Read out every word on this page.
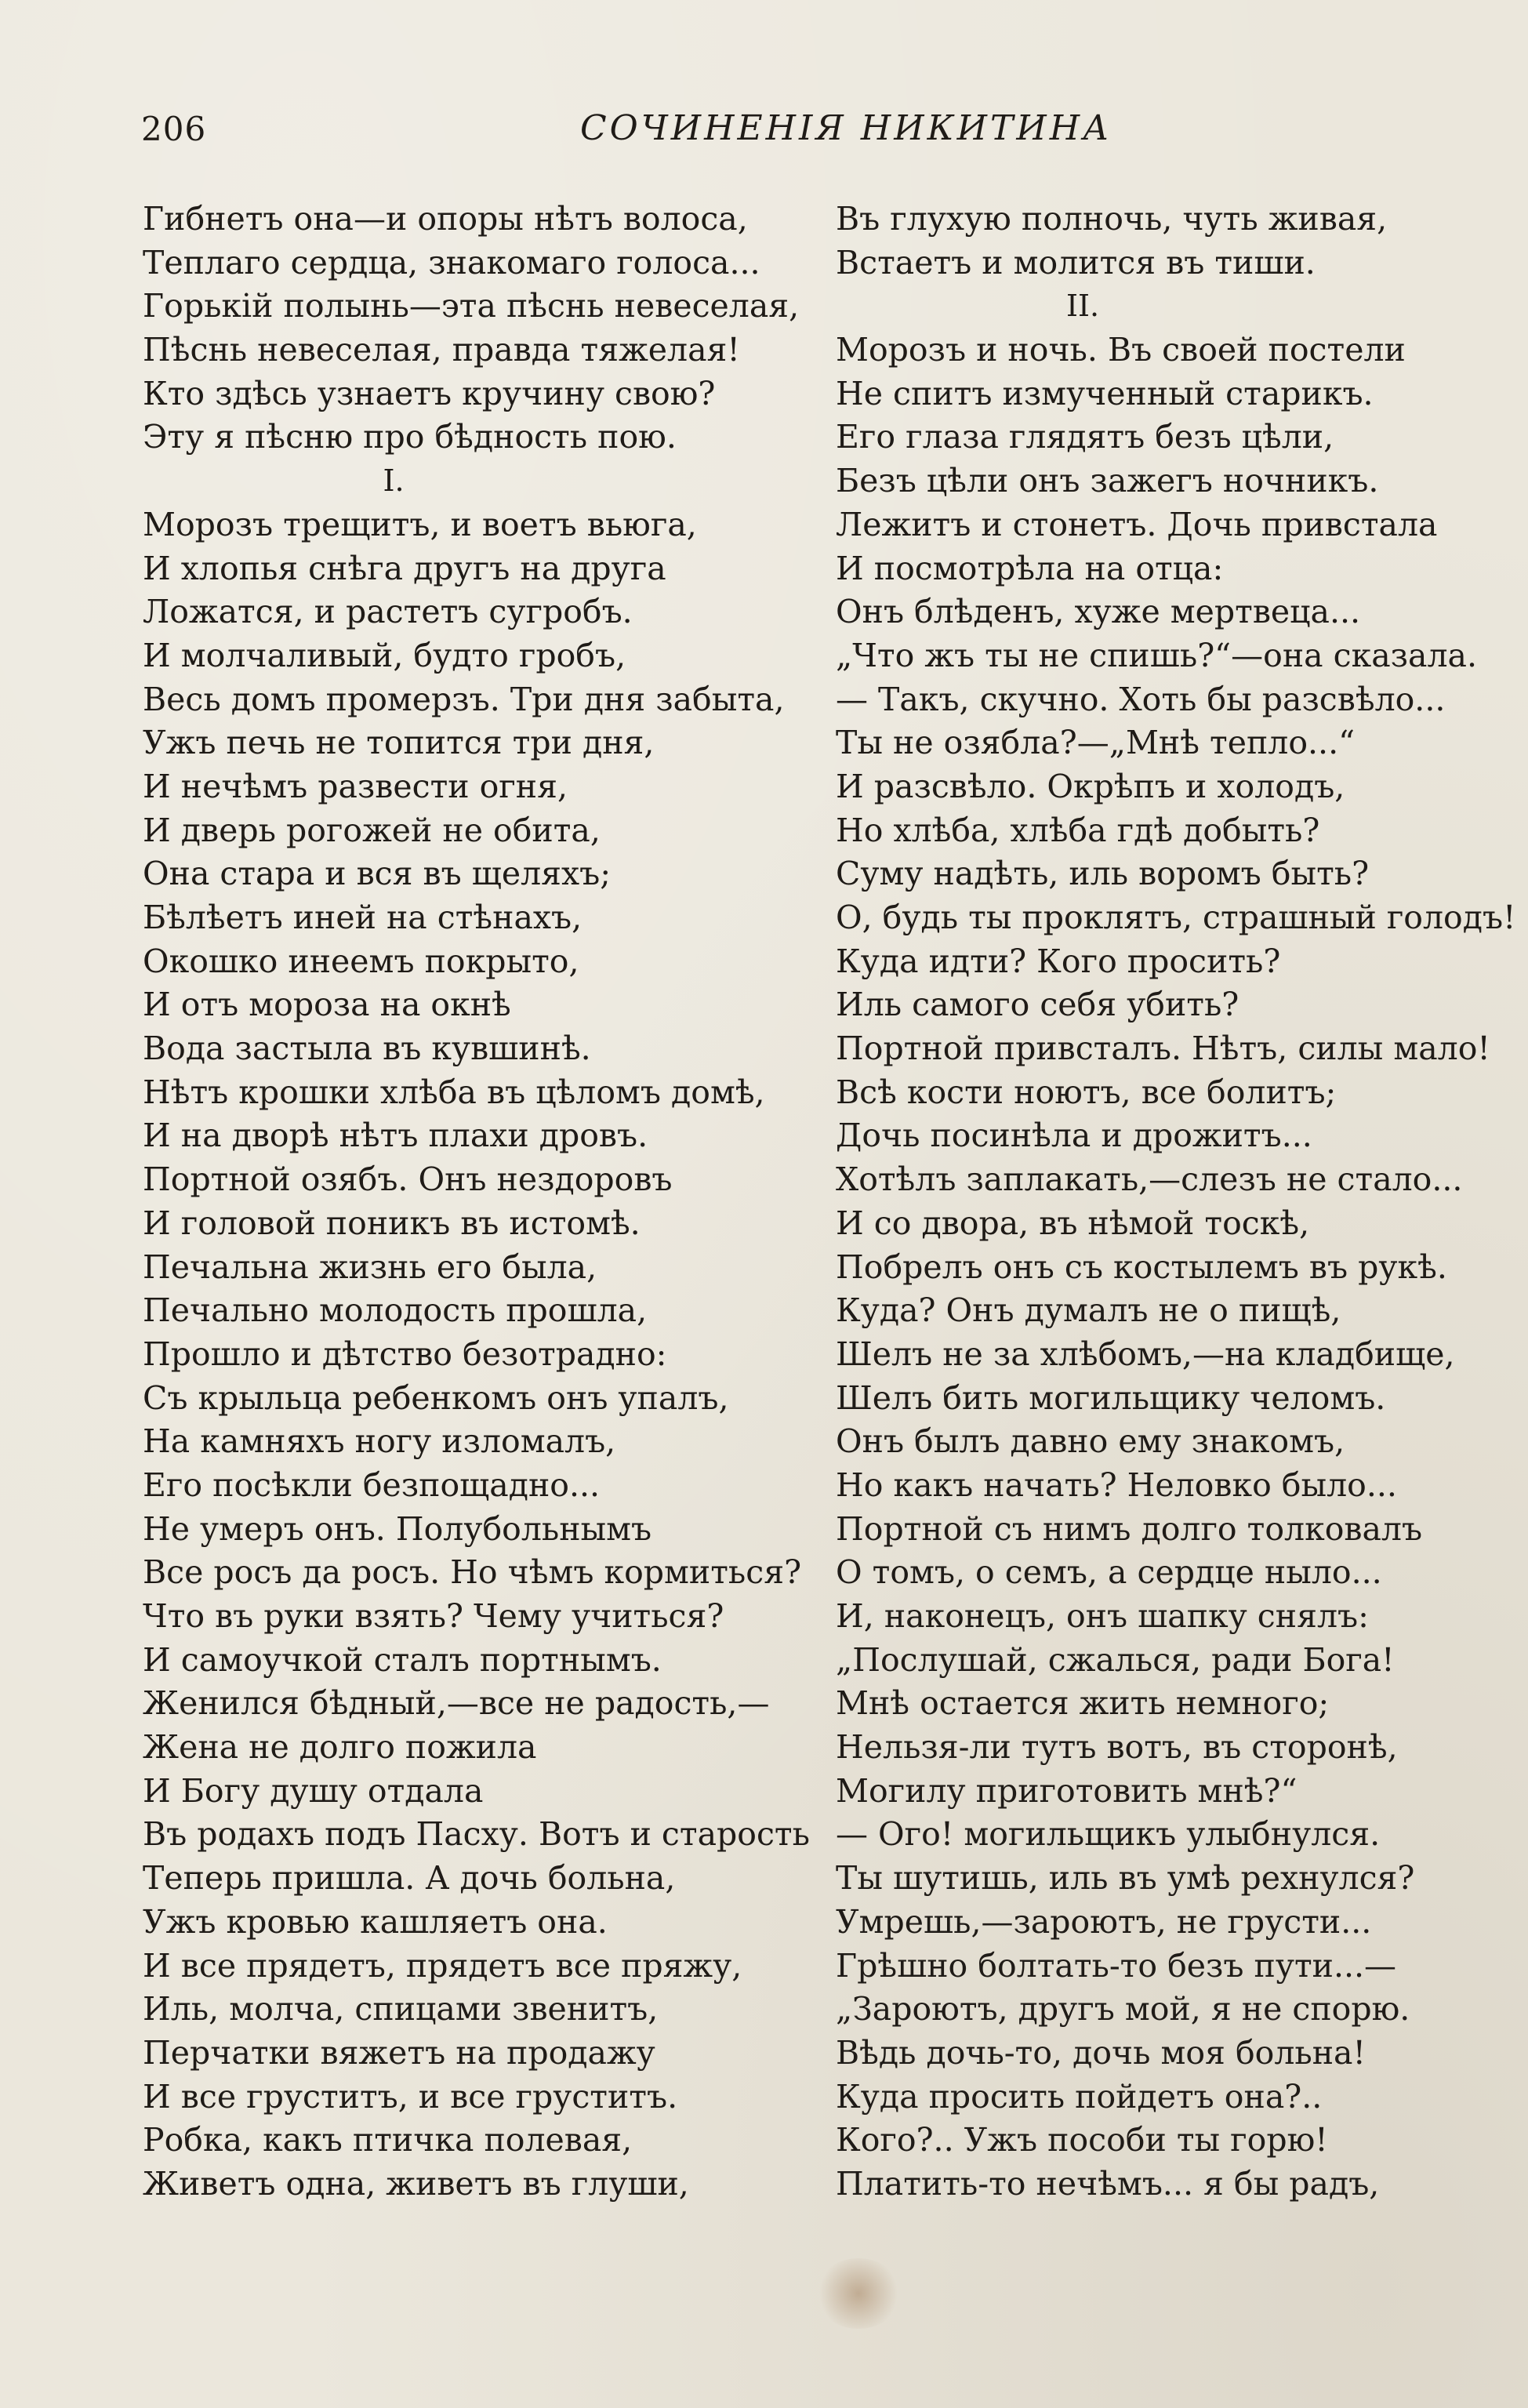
206	СОЧИНЕНІЯ НИКИТИНА
Гибнетъ она—и опоры нѣтъ волоса,
Теплаго сердца, знакомаго голоса...
Горькій полынь—эта пѣснь невеселая,
Пѣснь невеселая, правда тяжелая!
Кто здѣсь узнаетъ кручину свою?
Эту я пѣсню про бѣдность пою.
I.
Морозъ трещитъ, и воетъ вьюга,
И хлопья снѣга другъ на друга
Ложатся, и растетъ сугробъ.
И молчаливый, будто гробъ,
Весь домъ промерзъ. Три дня забыта,
Ужъ печь не топится три дня,
И нечѣмъ развести огня,
И дверь рогожей не обита,
Она стара и вся въ щеляхъ;
Бѣлѣетъ иней на стѣнахъ,
Окошко инеемъ покрыто,
И отъ мороза на окнѣ
Вода застыла въ кувшинѣ.
Нѣтъ крошки хлѣба въ цѣломъ домѣ,
И на дворѣ нѣтъ плахи дровъ.
Портной озябъ. Онъ нездоровъ
И головой поникъ въ истомѣ.
Печальна жизнь его была,
Печально молодость прошла,
Прошло и дѣтство безотрадно:
Съ крыльца ребенкомъ онъ упалъ,
На камняхъ ногу изломалъ,
Его посѣкли безпощадно...
Не умеръ онъ. Полубольнымъ
Все росъ да росъ. Но чѣмъ кормиться?
Что въ руки взять? Чему учиться?
И самоучкой сталъ портнымъ.
Женился бѣдный,—все не радость,—
Жена не долго пожила
И Богу душу отдала
Въ родахъ подъ Пасху. Вотъ и старость
Теперь пришла. А дочь больна,
Ужъ кровью кашляетъ она.
И все прядетъ, прядетъ все пряжу,
Иль, молча, спицами звенитъ,
Перчатки вяжетъ на продажу
И все груститъ, и все груститъ.
Робка, какъ птичка полевая,
Живетъ одна, живетъ въ глуши,
Въ глухую полночь, чуть живая,
Встаетъ и молится въ тиши.
II.
Морозъ и ночь. Въ своей постели
Не спитъ измученный старикъ.
Его глаза глядятъ безъ цѣли,
Безъ цѣли онъ зажегъ ночникъ.
Лежитъ и стонетъ. Дочь привстала
И посмотрѣла на отца:
Онъ блѣденъ, хуже мертвеца...
„Что жъ ты не спишь?“—она сказала.
— Такъ, скучно. Хоть бы разсвѣло...
Ты не озябла?—„Мнѣ тепло...“
И разсвѣло. Окрѣпъ и холодъ,
Но хлѣба, хлѣба гдѣ добыть?
Суму надѣть, иль воромъ быть?
О, будь ты проклятъ, страшный голодъ!
Куда идти? Кого просить?
Иль самого себя убить?
Портной привсталъ. Нѣтъ, силы мало!
Всѣ кости ноютъ, все болитъ;
Дочь посинѣла и дрожитъ...
Хотѣлъ заплакать,—слезъ не стало...
И со двора, въ нѣмой тоскѣ,
Побрелъ онъ съ костылемъ въ рукѣ.
Куда? Онъ думалъ не о пищѣ,
Шелъ не за хлѣбомъ,—на кладбище,
Шелъ бить могильщику челомъ.
Онъ былъ давно ему знакомъ,
Но какъ начать? Неловко было...
Портной съ нимъ долго толковалъ
О томъ, о семъ, а сердце ныло...
И, наконецъ, онъ шапку снялъ:
„Послушай, сжалься, ради Бога!
Мнѣ остается жить немного;
Нельзя-ли тутъ вотъ, въ сторонѣ,
Могилу приготовить мнѣ?“
— Ого! могильщикъ улыбнулся.
Ты шутишь, иль въ умѣ рехнулся?
Умрешь,—зароютъ, не грусти...
Грѣшно болтать-то безъ пути...—
„Зароютъ, другъ мой, я не спорю.
Вѣдь дочь-то, дочь моя больна!
Куда просить пойдетъ она?..
Кого?.. Ужъ пособи ты горю!
Платить-то нечѣмъ... я бы радъ,
